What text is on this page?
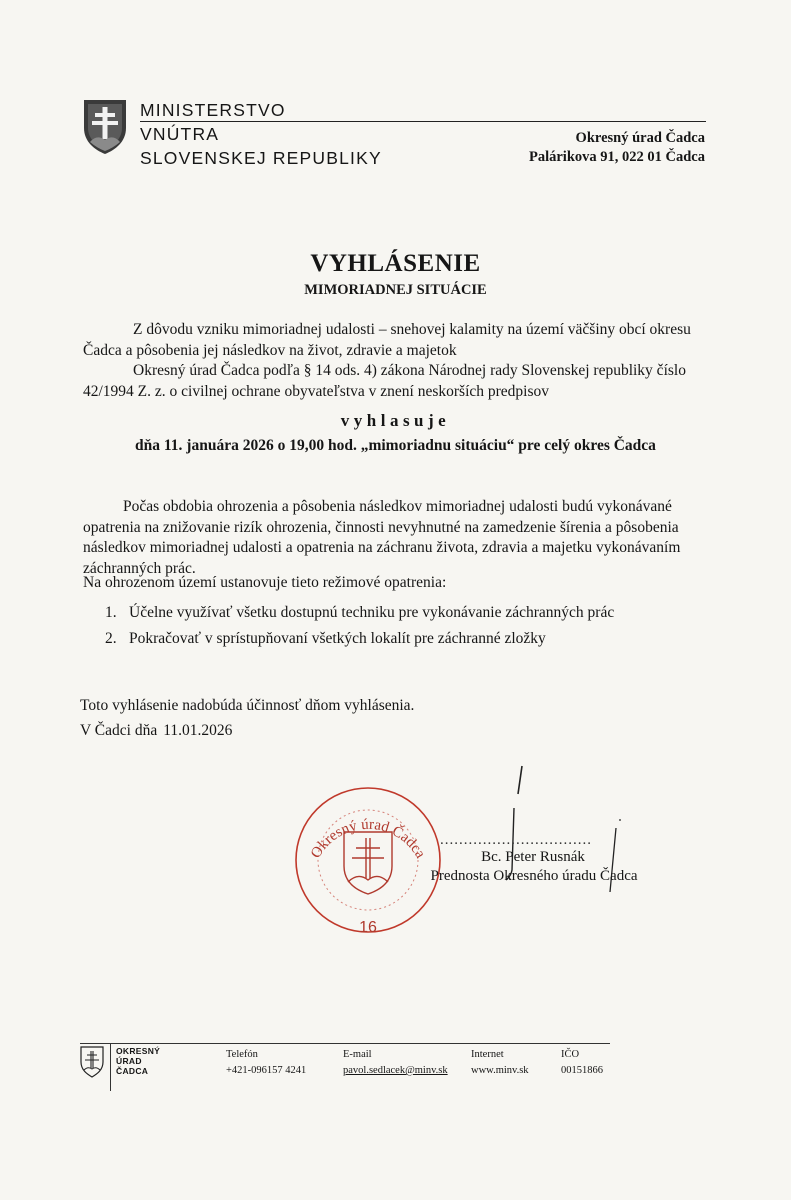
MINISTERSTVO
VNÚTRA
SLOVENSKEJ REPUBLIKY
Okresný úrad Čadca
Palárikova 91, 022 01 Čadca
VYHLÁSENIE
MIMORIADNEJ SITUÁCIE
Z dôvodu vzniku mimoriadnej udalosti – snehovej kalamity na území väčšiny obcí okresu
Čadca a pôsobenia jej následkov na život, zdravie a majetok
Okresný úrad Čadca podľa § 14 ods. 4) zákona Národnej rady Slovenskej republiky číslo
42/1994 Z. z. o civilnej ochrane obyvateľstva v znení neskorších predpisov
vyhlasuje
dňa 11. januára 2026 o 19,00 hod. „mimoriadnu situáciu“ pre celý okres Čadca
Počas obdobia ohrozenia a pôsobenia následkov mimoriadnej udalosti budú vykonávané
opatrenia na znižovanie rizík ohrozenia, činnosti nevyhnutné na zamedzenie šírenia a pôsobenia
následkov mimoriadnej udalosti a opatrenia na záchranu života, zdravia a majetku vykonávaním
záchranných prác.
Na ohrozenom území ustanovuje tieto režimové opatrenia:
1. Účelne využívať všetku dostupnú techniku pre vykonávanie záchranných prác
2. Pokračovať v sprístupňovaní všetkých lokalít pre záchranné zložky
Toto vyhlásenie nadobúda účinnosť dňom vyhlásenia.
V Čadci dňa 11.01.2026
Okresný úrad Čadca
16
................................
Bc. Peter Rusnák
Prednosta Okresného úradu Čadca
OKRESNÝ
ÚRAD
ČADCA
Telefón
+421-096157 4241
E-mail
pavol.sedlacek@minv.sk
Internet
www.minv.sk
IČO
00151866
